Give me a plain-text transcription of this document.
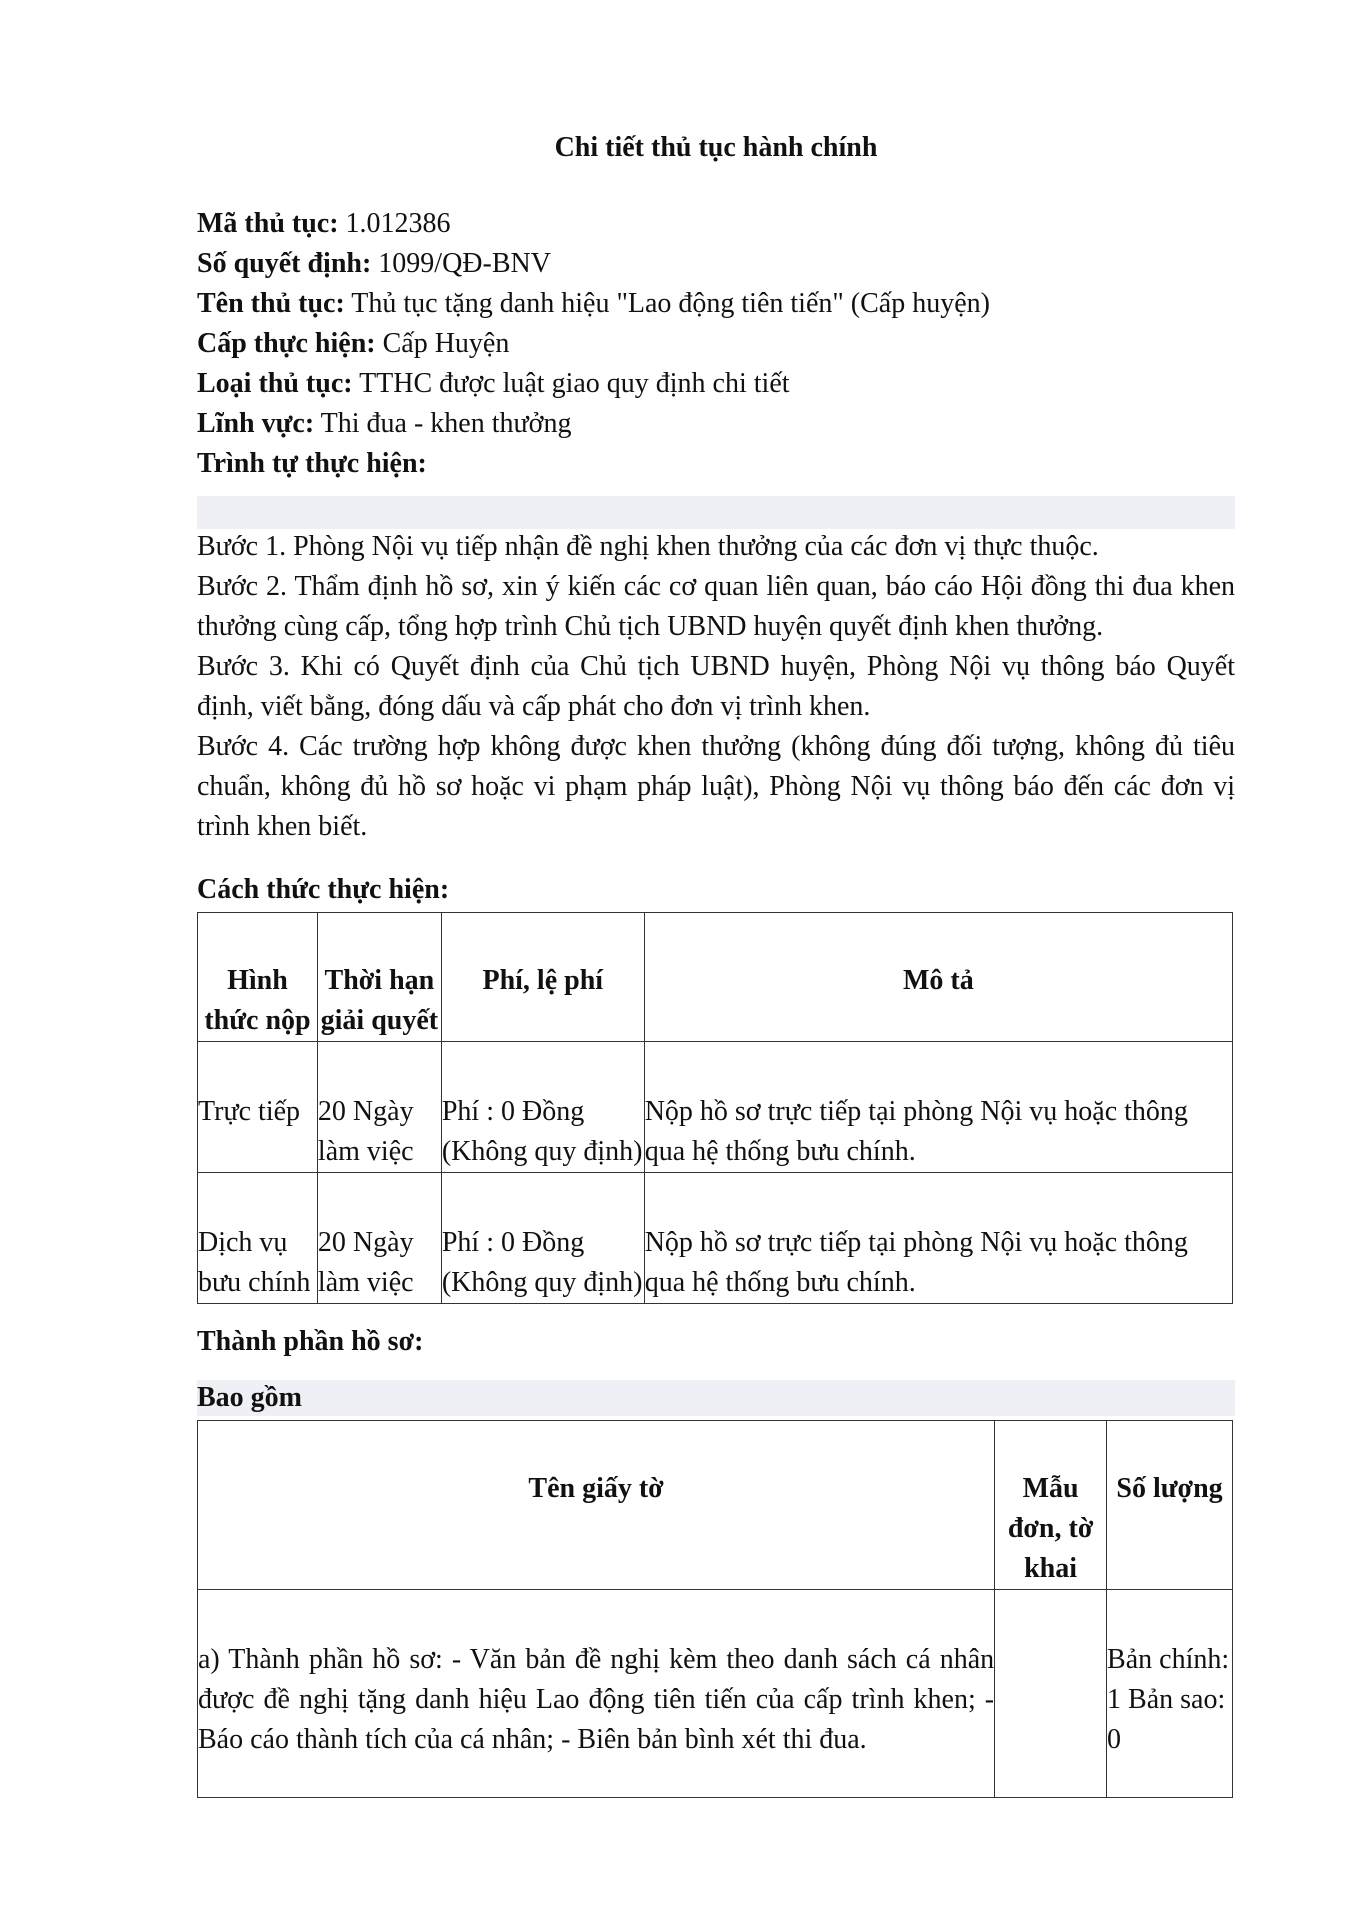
Chi tiết thủ tục hành chính
Mã thủ tục: 1.012386
Số quyết định: 1099/QĐ-BNV
Tên thủ tục: Thủ tục tặng danh hiệu "Lao động tiên tiến" (Cấp huyện)
Cấp thực hiện: Cấp Huyện
Loại thủ tục: TTHC được luật giao quy định chi tiết
Lĩnh vực: Thi đua - khen thưởng
Trình tự thực hiện:
Bước 1. Phòng Nội vụ tiếp nhận đề nghị khen thưởng của các đơn vị thực thuộc.
Bước 2. Thẩm định hồ sơ, xin ý kiến các cơ quan liên quan, báo cáo Hội đồng thi đua khen thưởng cùng cấp, tổng hợp trình Chủ tịch UBND huyện quyết định khen thưởng.
Bước 3. Khi có Quyết định của Chủ tịch UBND huyện, Phòng Nội vụ thông báo Quyết định, viết bằng, đóng dấu và cấp phát cho đơn vị trình khen.
Bước 4. Các trường hợp không được khen thưởng (không đúng đối tượng, không đủ tiêu chuẩn, không đủ hồ sơ hoặc vi phạm pháp luật), Phòng Nội vụ thông báo đến các đơn vị trình khen biết.
Cách thức thực hiện:
Hình thức nộp	Thời hạn giải quyết	Phí, lệ phí	Mô tả
Trực tiếp	20 Ngày làm việc	Phí : 0 Đồng (Không quy định)	Nộp hồ sơ trực tiếp tại phòng Nội vụ hoặc thông qua hệ thống bưu chính.
Dịch vụ bưu chính	20 Ngày làm việc	Phí : 0 Đồng (Không quy định)	Nộp hồ sơ trực tiếp tại phòng Nội vụ hoặc thông qua hệ thống bưu chính.
Thành phần hồ sơ:
Bao gồm
Tên giấy tờ	Mẫu đơn, tờ khai	Số lượng
a) Thành phần hồ sơ: - Văn bản đề nghị kèm theo danh sách cá nhân được đề nghị tặng danh hiệu Lao động tiên tiến của cấp trình khen; - Báo cáo thành tích của cá nhân; - Biên bản bình xét thi đua.		Bản chính: 1 Bản sao: 0
